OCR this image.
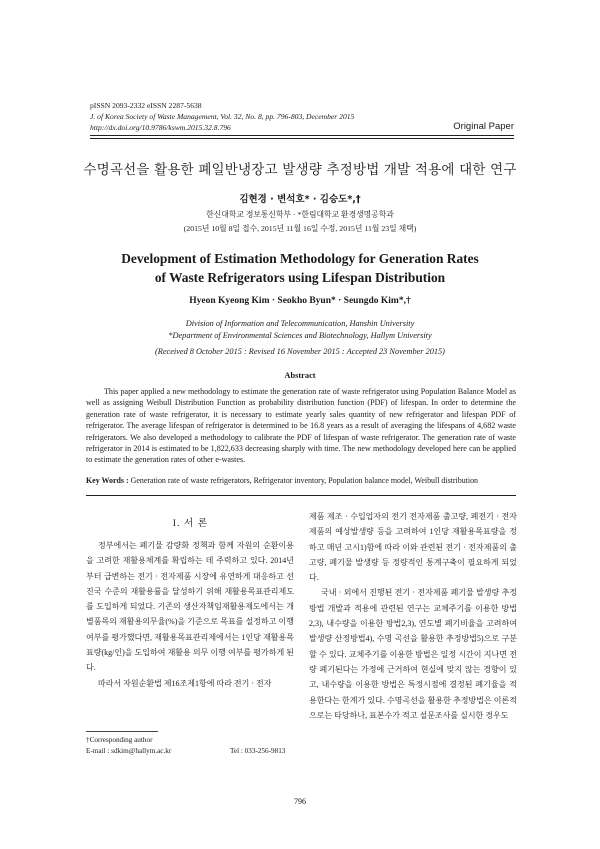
pISSN 2093-2332 eISSN 2287-5638
J. of Korea Society of Waste Management, Vol. 32, No. 8, pp. 796-803, December 2015
http://dx.doi.org/10.9786/kswm.2015.32.8.796	Original Paper
수명곡선을 활용한 폐일반냉장고 발생량 추정방법 개발 적용에 대한 연구
김현경 · 변석호* · 김승도*,†
한신대학교 정보통신학부 · *한림대학교 환경생명공학과
(2015년 10월 8일 접수, 2015년 11월 16일 수정, 2015년 11월 23일 채택)
Development of Estimation Methodology for Generation Rates
of Waste Refrigerators using Lifespan Distribution
Hyeon Kyeong Kim · Seokho Byun* · Seungdo Kim*,†
Division of Information and Telecommunication, Hanshin University
*Department of Environmental Sciences and Biotechnology, Hallym University
(Received 8 October 2015 : Revised 16 November 2015 : Accepted 23 November 2015)
Abstract

This paper applied a new methodology to estimate the generation rate of waste refrigerator using Population Balance Model as well as assigning Weibull Distribution Function as probability distribution function (PDF) of lifespan. In order to determine the generation rate of waste refrigerator, it is necessary to estimate yearly sales quantity of new refrigerator and lifespan PDF of refrigerator. The average lifespan of refrigerator is determined to be 16.8 years as a result of averaging the lifespans of 4,682 waste refrigerators. We also developed a methodology to calibrate the PDF of lifespan of waste refrigerator. The generation rate of waste refrigerator in 2014 is estimated to be 1,822,633 decreasing sharply with time. The new methodology developed here can be applied to estimate the generation rates of other e-wastes.

Key Words : Generation rate of waste refrigerators, Refrigerator inventory, Population balance model, Weibull distribution
I. 서 론

정부에서는 폐기물 감량화 정책과 함께 자원의 순환이용을 고려한 재활용체계를 확립하는 데 주력하고 있다. 2014년부터 급변하는 전기 · 전자제품 시장에 유연하게 대응하고 선진국 수준의 재활용률을 달성하기 위해 재활용목표관리제도를 도입하게 되었다. 기존의 생산자책임재활용제도에서는 개별품목의 재활용의무율(%)을 기준으로 목표를 설정하고 이행 여부를 평가했다면, 재활용목표관리제에서는 1인당 재활용목표량(kg/인)을 도입하여 재활용 의무 이행 여부를 평가하게 된다.

따라서 자원순환법 제16조제1항에 따라 전기 · 전자

제품 제조 · 수입업자의 전기 전자제품 출고량, 폐전기 · 전자제품의 예상발생량 등을 고려하여 1인당 재활용목표량을 정하고 매년 고시1)함에 따라 이와 관련된 전기 · 전자제품의 출고량, 폐기물 발생량 등 정량적인 통계구축이 필요하게 되었다.

국내 · 외에서 진행된 전기 · 전자제품 폐기물 발생량 추정방법 개발과 적용에 관련된 연구는 교체주기를 이용한 방법2,3), 내수량을 이용한 방법2,3), 연도별 폐기비율을 고려하여 발생량 산정방법4), 수명 곡선을 활용한 추정방법5)으로 구분할 수 있다. 교체주기를 이용한 방법은 일정 시간이 지나면 전량 폐기된다는 가정에 근거하여 현실에 맞지 않는 경향이 있고, 내수량을 이용한 방법은 특정시점에 결정된 폐기율을 적용한다는 한계가 있다. 수명곡선을 활용한 추정방법은 이론적으로는 타당하나, 표본수가 적고 설문조사를 실시한 경우도

†Corresponding author
E-mail : sdkim@hallym.ac.kr	Tel : 033-256-9813
796
